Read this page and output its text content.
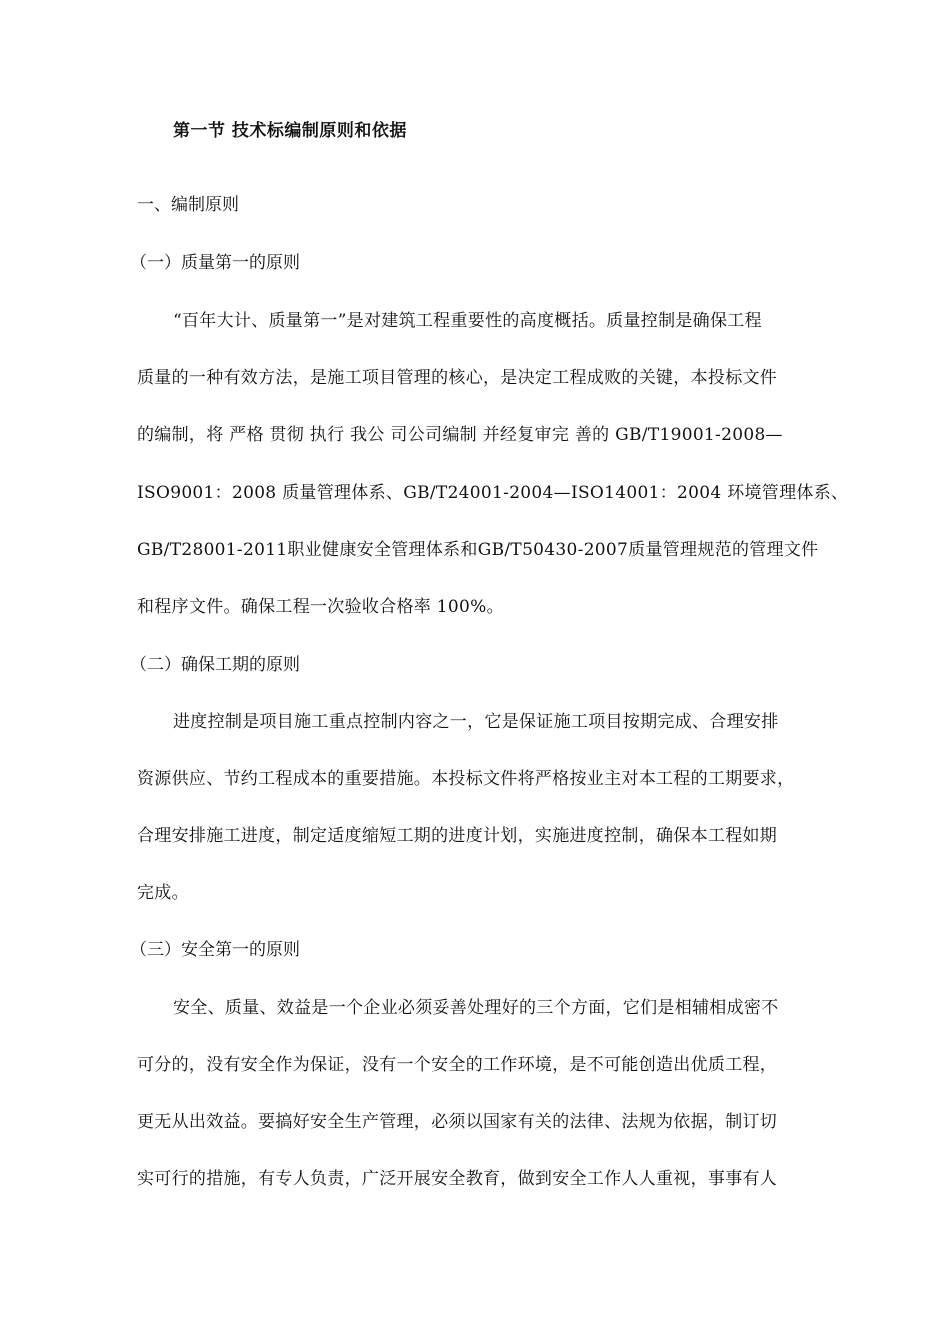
第一节 技术标编制原则和依据
一、编制原则
（一）质量第一的原则
“百年大计、质量第一”是对建筑工程重要性的高度概括。质量控制是确保工程
质量的一种有效方法，是施工项目管理的核心，是决定工程成败的关键，本投标文件
的编制，将 严格 贯彻 执行 我公 司公司编制 并经复审完 善的 GB/T19001-2008—
ISO9001：2008 质量管理体系、GB/T24001-2004—ISO14001：2004 环境管理体系、
GB/T28001-2011职业健康安全管理体系和GB/T50430-2007质量管理规范的管理文件
和程序文件。确保工程一次验收合格率 100%。
（二）确保工期的原则
进度控制是项目施工重点控制内容之一，它是保证施工项目按期完成、合理安排
资源供应、节约工程成本的重要措施。本投标文件将严格按业主对本工程的工期要求，
合理安排施工进度，制定适度缩短工期的进度计划，实施进度控制，确保本工程如期
完成。
（三）安全第一的原则
安全、质量、效益是一个企业必须妥善处理好的三个方面，它们是相辅相成密不
可分的，没有安全作为保证，没有一个安全的工作环境，是不可能创造出优质工程，
更无从出效益。要搞好安全生产管理，必须以国家有关的法律、法规为依据，制订切
实可行的措施，有专人负责，广泛开展安全教育，做到安全工作人人重视，事事有人
